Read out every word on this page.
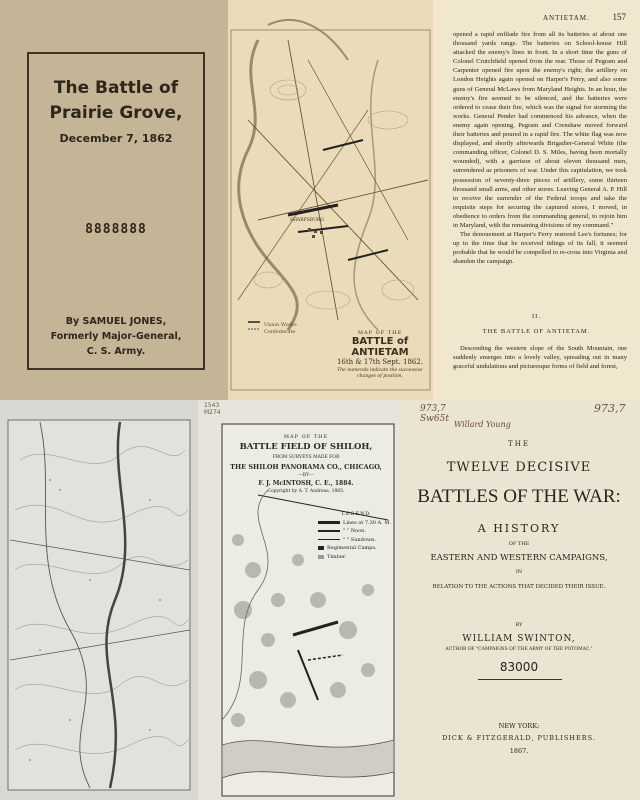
The Battle of
Prairie Grove,
December 7, 1862
8888888
By SAMUEL JONES,
Formerly Major-General,
C. S. Army.
SHARPSBURG
Union Works
Confederate	MAP OF THE
BATTLE of ANTIETAM
16th & 17th Sept. 1862.
The numerals indicate the successive changes of position.
ANTIETAM.	157

opened a rapid enfilade fire from all its batteries at about one thousand yards range. The batteries on School-house Hill attacked the enemy's lines in front. In a short time the guns of Colonel Crutchfield opened from the rear. Those of Pegram and Carpenter opened fire upon the enemy's right; the artillery on London Heights again opened on Harper's Ferry, and also some guns of General McLaws from Maryland Heights. In an hour, the enemy's fire seemed to be silenced, and the batteries were ordered to cease their fire, which was the signal for storming the works. General Pender had commenced his advance, when the enemy again opening, Pegram and Crenshaw moved forward their batteries and poured in a rapid fire. The white flag was now displayed, and shortly afterwards Brigadier-General White (the commanding officer, Colonel D. S. Miles, having been mortally wounded), with a garrison of about eleven thousand men, surrendered as prisoners of war. Under this capitulation, we took possession of seventy-three pieces of artillery, some thirteen thousand small arms, and other stores. Leaving General A. P. Hill to receive the surrender of the Federal troops and take the requisite steps for securing the captured stores, I moved, in obedience to orders from the commanding general, to rejoin him in Maryland, with the remaining divisions of my command."

The denouement at Harper's Ferry restored Lee's fortunes; for up to the time that he received tidings of its fall, it seemed probable that he would be compelled to re-cross into Virginia and abandon the campaign.

II.
THE BATTLE OF ANTIETAM.

Descending the western slope of the South Mountain, one suddenly emerges into a lovely valley, spreading out in many graceful undulations and picturesque forms of field and forest,

1543 M274
MAP OF THE
BATTLE FIELD OF SHILOH,
FROM SURVEYS MADE FOR
THE SHILOH PANORAMA CO., CHICAGO,
—BY—
F. J. McINTOSH, C. E., 1884.
Copyright by A. T. Andreas, 1885.
LEGEND
Lines at 7.30 A. M.
" " Noon.
" " Sundown.
Regimental Camps.
Timber.
Willard Young
973,7
973,7 Sw65t
THE
TWELVE DECISIVE
BATTLES OF THE WAR:
A HISTORY
OF THE
EASTERN AND WESTERN CAMPAIGNS,
IN
RELATION TO THE ACTIONS THAT DECIDED THEIR ISSUE.
BY
WILLIAM SWINTON,
AUTHOR OF "CAMPAIGNS OF THE ARMY OF THE POTOMAC."
83000
NEW YORK:
DICK & FITZGERALD, PUBLISHERS.
1867.
